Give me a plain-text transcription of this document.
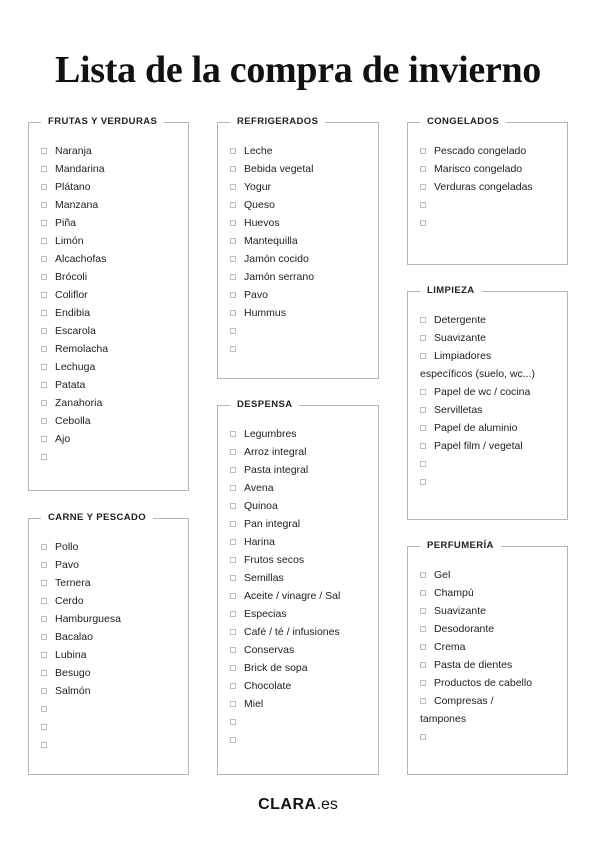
Lista de la compra de invierno
FRUTAS Y VERDURAS
Naranja
Mandarina
Plátano
Manzana
Piña
Limón
Alcachofas
Brócoli
Coliflor
Endibia
Escarola
Remolacha
Lechuga
Patata
Zanahoria
Cebolla
Ajo
CARNE Y PESCADO
Pollo
Pavo
Ternera
Cerdo
Hamburguesa
Bacalao
Lubina
Besugo
Salmón
REFRIGERADOS
Leche
Bebida vegetal
Yogur
Queso
Huevos
Mantequilla
Jamón cocido
Jamón serrano
Pavo
Hummus
DESPENSA
Legumbres
Arroz integral
Pasta integral
Avena
Quinoa
Pan integral
Harina
Frutos secos
Semillas
Aceite / vinagre / Sal
Especias
Café / té / infusiones
Conservas
Brick de sopa
Chocolate
Miel
CONGELADOS
Pescado congelado
Marisco congelado
Verduras congeladas
LIMPIEZA
Detergente
Suavizante
Limpiadores
específicos (suelo, wc...)
Papel de wc / cocina
Servilletas
Papel de aluminio
Papel film / vegetal
PERFUMERÍA
Gel
Champú
Suavizante
Desodorante
Crema
Pasta de dientes
Productos de cabello
Compresas /
tampones
CLARA.es
